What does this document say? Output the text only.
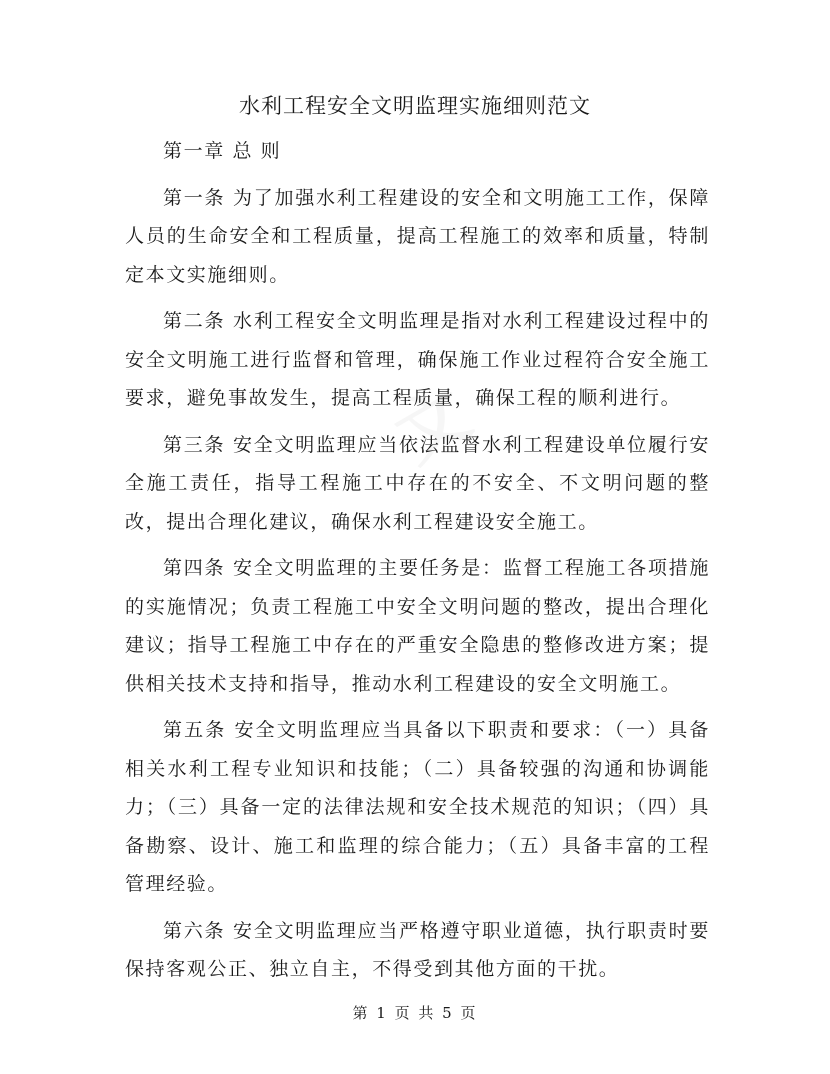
水利工程安全文明监理实施细则范文
第一章 总 则
第一条 为了加强水利工程建设的安全和文明施工工作，保障人员的生命安全和工程质量，提高工程施工的效率和质量，特制定本文实施细则。
第二条 水利工程安全文明监理是指对水利工程建设过程中的安全文明施工进行监督和管理，确保施工作业过程符合安全施工要求，避免事故发生，提高工程质量，确保工程的顺利进行。
第三条 安全文明监理应当依法监督水利工程建设单位履行安全施工责任，指导工程施工中存在的不安全、不文明问题的整改，提出合理化建议，确保水利工程建设安全施工。
第四条 安全文明监理的主要任务是：监督工程施工各项措施的实施情况；负责工程施工中安全文明问题的整改，提出合理化建议；指导工程施工中存在的严重安全隐患的整修改进方案；提供相关技术支持和指导，推动水利工程建设的安全文明施工。
第五条 安全文明监理应当具备以下职责和要求：（一）具备相关水利工程专业知识和技能；（二）具备较强的沟通和协调能力；（三）具备一定的法律法规和安全技术规范的知识；（四）具备勘察、设计、施工和监理的综合能力；（五）具备丰富的工程管理经验。
第六条 安全文明监理应当严格遵守职业道德，执行职责时要保持客观公正、独立自主，不得受到其他方面的干扰。
第 1 页 共 5 页
